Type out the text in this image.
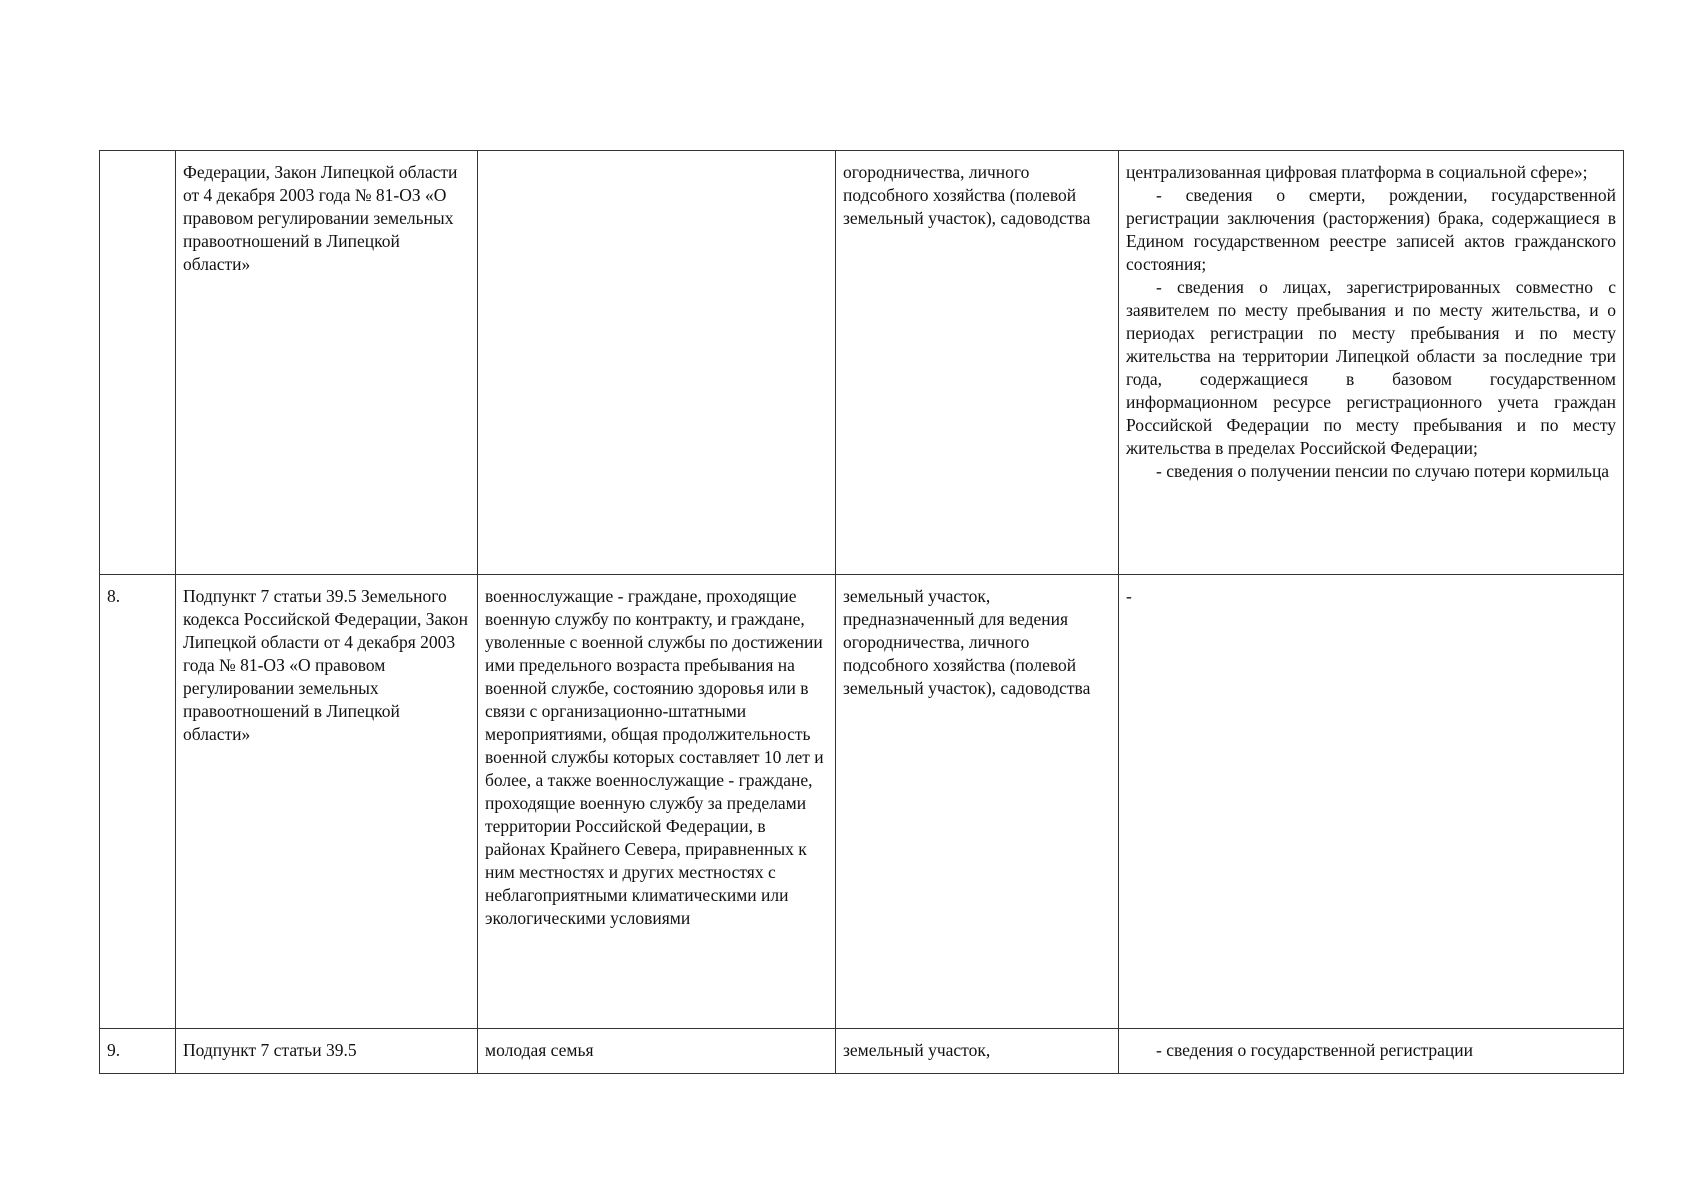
	Федерации, Закон Липецкой области от 4 декабря 2003 года № 81-ОЗ «О правовом регулировании земельных правоотношений в Липецкой области»		огородничества, личного подсобного хозяйства (полевой земельный участок), садоводства	централизованная цифровая платформа в социальной сфере»;
- сведения о смерти, рождении, государственной регистрации заключения (расторжения) брака, содержащиеся в Едином государственном реестре записей актов гражданского состояния;
- сведения о лицах, зарегистрированных совместно с заявителем по месту пребывания и по месту жительства, и о периодах регистрации по месту пребывания и по месту жительства на территории Липецкой области за последние три года, содержащиеся в базовом государственном информационном ресурсе регистрационного учета граждан Российской Федерации по месту пребывания и по месту жительства в пределах Российской Федерации;
- сведения о получении пенсии по случаю потери кормильца

8.	Подпункт 7 статьи 39.5 Земельного кодекса Российской Федерации, Закон Липецкой области от 4 декабря 2003 года № 81-ОЗ «О правовом регулировании земельных правоотношений в Липецкой области»	военнослужащие - граждане, проходящие военную службу по контракту, и граждане, уволенные с военной службы по достижении ими предельного возраста пребывания на военной службе, состоянию здоровья или в связи с организационно-штатными мероприятиями, общая продолжительность военной службы которых составляет 10 лет и более, а также военнослужащие - граждане, проходящие военную службу за пределами территории Российской Федерации, в районах Крайнего Севера, приравненных к ним местностях и других местностях с неблагоприятными климатическими или экологическими условиями	земельный участок, предназначенный для ведения огородничества, личного подсобного хозяйства (полевой земельный участок), садоводства	-
9.	Подпункт 7 статьи 39.5	молодая семья	земельный участок,	- сведения о государственной регистрации
